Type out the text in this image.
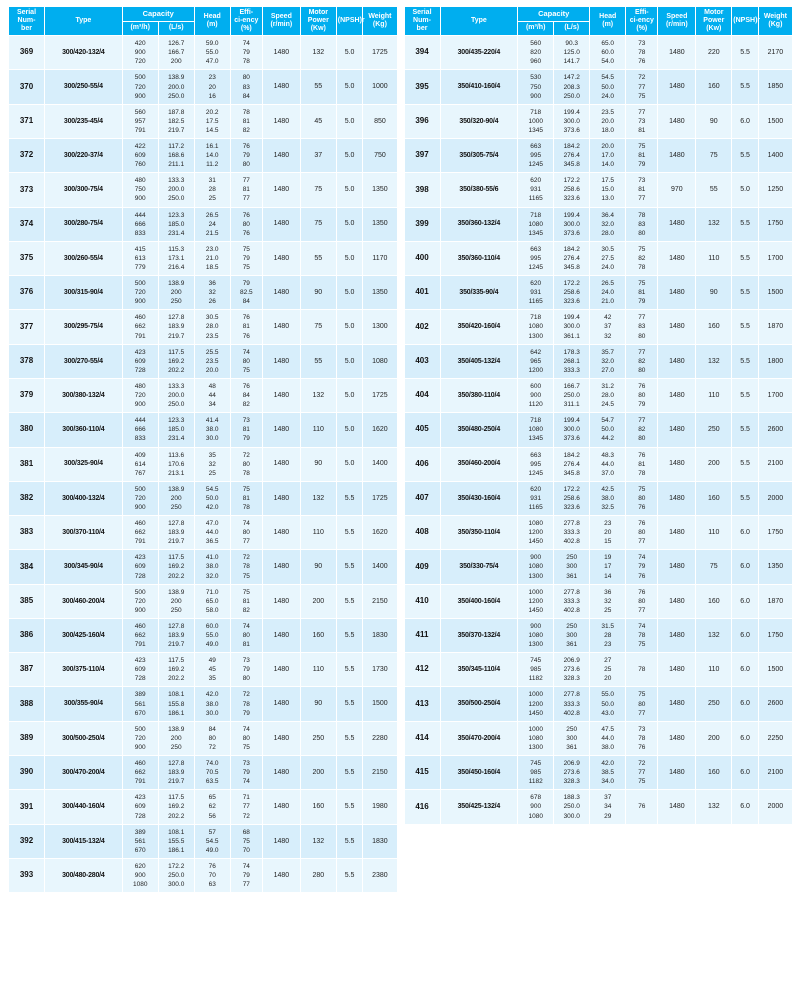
Serial
Num-
ber	Type	Capacity		Head
(m)	Effi-
ci-ency
(%)	Speed
(r/min)	Motor
Power
(Kw)	(NPSH)r	Weight
(Kg)
		(m³/h)	(L/s)						
369	300/420-132/4	420
900
720	126.7
166.7
200	59.0
55.0
47.0	74
79
78	1480	132	5.0	1725
370	300/250-55/4	500
720
900	138.9
200.0
250.0	23
20
16	80
83
84	1480	55	5.0	1000
371	300/235-45/4	560
957
791	187.8
182.5
219.7	20.2
17.5
14.5	78
81
82	1480	45	5.0	850
372	300/220-37/4	422
609
760	117.2
168.6
211.1	16.1
14.0
11.2	76
79
80	1480	37	5.0	750
373	300/300-75/4	480
750
900	133.3
200.0
250.0	31
28
25	77
81
77	1480	75	5.0	1350
374	300/280-75/4	444
666
833	123.3
185.0
231.4	26.5
24
21.5	76
80
76	1480	75	5.0	1350
375	300/260-55/4	415
613
779	115.3
173.1
216.4	23.0
21.0
18.5	75
79
75	1480	55	5.0	1170
376	300/315-90/4	500
720
900	138.9
200
250	36
32
26	79
82.5
84	1480	90	5.0	1350
377	300/295-75/4	460
662
791	127.8
183.9
219.7	30.5
28.0
23.5	76
81
76	1480	75	5.0	1300
378	300/270-55/4	423
609
728	117.5
169.2
202.2	25.5
23.5
20.0	74
80
75	1480	55	5.0	1080
379	300/380-132/4	480
720
900	133.3
200.0
250.0	48
44
34	76
84
82	1480	132	5.0	1725
380	300/360-110/4	444
666
833	123.3
185.0
231.4	41.4
38.0
30.0	73
81
79	1480	110	5.0	1620
381	300/325-90/4	409
614
767	113.6
170.6
213.1	35
32
25	72
80
78	1480	90	5.0	1400
382	300/400-132/4	500
720
900	138.9
200
250	54.5
50.0
42.0	75
81
78	1480	132	5.5	1725
383	300/370-110/4	460
662
791	127.8
183.9
219.7	47.0
44.0
36.5	74
80
77	1480	110	5.5	1620
384	300/345-90/4	423
609
728	117.5
169.2
202.2	41.0
38.0
32.0	72
78
75	1480	90	5.5	1400
385	300/460-200/4	500
720
900	138.9
200
250	71.0
65.0
58.0	75
81
82	1480	200	5.5	2150
386	300/425-160/4	460
662
791	127.8
183.9
219.7	60.0
55.0
49.0	74
80
81	1480	160	5.5	1830
387	300/375-110/4	423
609
728	117.5
169.2
202.2	49
45
35	73
79
80	1480	110	5.5	1730
388	300/355-90/4	389
561
670	108.1
155.8
186.1	42.0
38.0
30.0	72
78
79	1480	90	5.5	1500
389	300/500-250/4	500
720
900	138.9
200
250	84
80
72	74
80
75	1480	250	5.5	2280
390	300/470-200/4	460
662
791	127.8
183.9
219.7	74.0
70.5
63.5	73
79
74	1480	200	5.5	2150
391	300/440-160/4	423
609
728	117.5
169.2
202.2	65
62
56	71
77
72	1480	160	5.5	1980
392	300/415-132/4	389
561
670	108.1
155.5
186.1	57
54.5
49.0	68
75
70	1480	132	5.5	1830
393	300/480-280/4	620
900
1080	172.2
250.0
300.0	76
70
63	74
79
77	1480	280	5.5	2380
Serial
Num-
ber	Type	Capacity		Head
(m)	Effi-
ci-ency
(%)	Speed
(r/min)	Motor
Power
(Kw)	(NPSH)r	Weight
(Kg)
		(m³/h)	(L/s)						
394	300/435-220/4	560
820
960	90.3
125.0
141.7	65.0
60.0
54.0	73
78
76	1480	220	5.5	2170
395	350/410-160/4	530
750
900	147.2
208.3
250.0	54.5
50.0
24.0	72
77
75	1480	160	5.5	1850
396	350/320-90/4	718
1000
1345	199.4
300.0
373.6	23.5
20.0
18.0	77
73
81	1480	90	6.0	1500
397	350/305-75/4	663
995
1245	184.2
276.4
345.8	20.0
17.0
14.0	75
81
79	1480	75	5.5	1400
398	350/380-55/6	620
931
1165	172.2
258.6
323.6	17.5
15.0
13.0	73
81
77	970	55	5.0	1250
399	350/360-132/4	718
1080
1345	199.4
300.0
373.6	36.4
32.0
28.0	78
83
80	1480	132	5.5	1750
400	350/360-110/4	663
995
1245	184.2
276.4
345.8	30.5
27.5
24.0	75
82
78	1480	110	5.5	1700
401	350/335-90/4	620
931
1165	172.2
258.6
323.6	26.5
24.0
21.0	75
81
79	1480	90	5.5	1500
402	350/420-160/4	718
1080
1300	199.4
300.0
361.1	42
37
32	77
83
80	1480	160	5.5	1870
403	350/405-132/4	642
965
1200	178.3
268.1
333.3	35.7
32.0
27.0	77
82
80	1480	132	5.5	1800
404	350/380-110/4	600
900
1120	166.7
250.0
311.1	31.2
28.0
24.5	76
80
79	1480	110	5.5	1700
405	350/480-250/4	718
1080
1345	199.4
300.0
373.6	54.7
50.0
44.2	77
82
80	1480	250	5.5	2600
406	350/460-200/4	663
995
1245	184.2
276.4
345.8	48.3
44.0
37.0	76
81
78	1480	200	5.5	2100
407	350/430-160/4	620
931
1165	172.2
258.6
323.6	42.5
38.0
32.5	75
80
76	1480	160	5.5	2000
408	350/350-110/4	1080
1200
1450	277.8
333.3
402.8	23
20
15	76
80
77	1480	110	6.0	1750
409	350/330-75/4	900
1080
1300	250
300
361	19
17
14	74
79
76	1480	75	6.0	1350
410	350/400-160/4	1000
1200
1450	277.8
333.3
402.8	36
32
25	76
80
77	1480	160	6.0	1870
411	350/370-132/4	900
1080
1300	250
300
361	31.5
28
23	74
78
75	1480	132	6.0	1750
412	350/345-110/4	745
985
1182	206.9
273.6
328.3	27
25
20	78	1480	110	6.0	1500
413	350/500-250/4	1000
1200
1450	277.8
333.3
402.8	55.0
50.0
43.0	75
80
77	1480	250	6.0	2600
414	350/470-200/4	1000
1080
1300	250
300
361	47.5
44.0
38.0	73
78
76	1480	200	6.0	2250
415	350/450-160/4	745
985
1182	206.9
273.6
328.3	42.0
38.5
34.0	72
77
75	1480	160	6.0	2100
416	350/425-132/4	678
900
1080	188.3
250.0
300.0	37
34
29	76	1480	132	6.0	2000
